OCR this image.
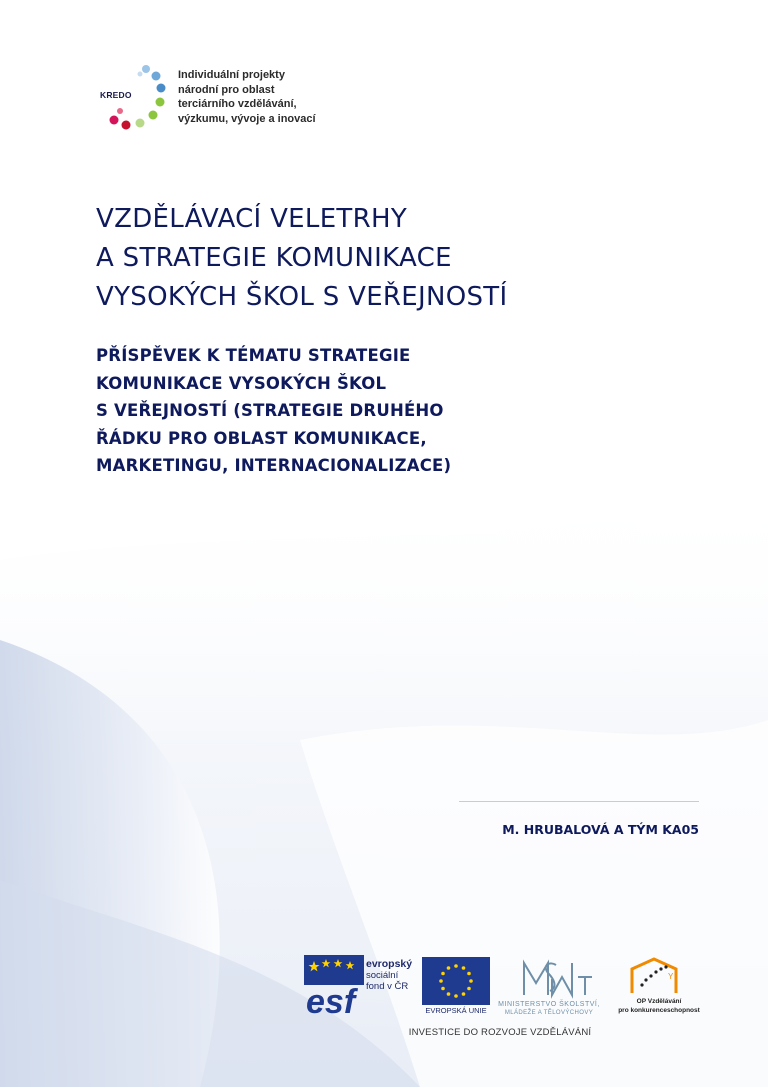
KREDO
Individuální projekty
národní pro oblast
terciárního vzdělávání,
výzkumu, vývoje a inovací
VZDĚLÁVACÍ VELETRHY
A STRATEGIE KOMUNIKACE
VYSOKÝCH ŠKOL S VEŘEJNOSTÍ
PŘÍSPĚVEK K TÉMATU STRATEGIE
KOMUNIKACE VYSOKÝCH ŠKOL
S VEŘEJNOSTÍ (STRATEGIE DRUHÉHO
ŘÁDKU PRO OBLAST KOMUNIKACE,
MARKETINGU, INTERNACIONALIZACE)
M. HRUBALOVÁ A TÝM KA05
esf
evropský
sociální
fond v ČR
EVROPSKÁ UNIE
MINISTERSTVO ŠKOLSTVÍ,
MLÁDEŽE A TĚLOVÝCHOVY
Y
OP Vzdělávání
pro konkurenceschopnost
INVESTICE DO ROZVOJE VZDĚLÁVÁNÍ
